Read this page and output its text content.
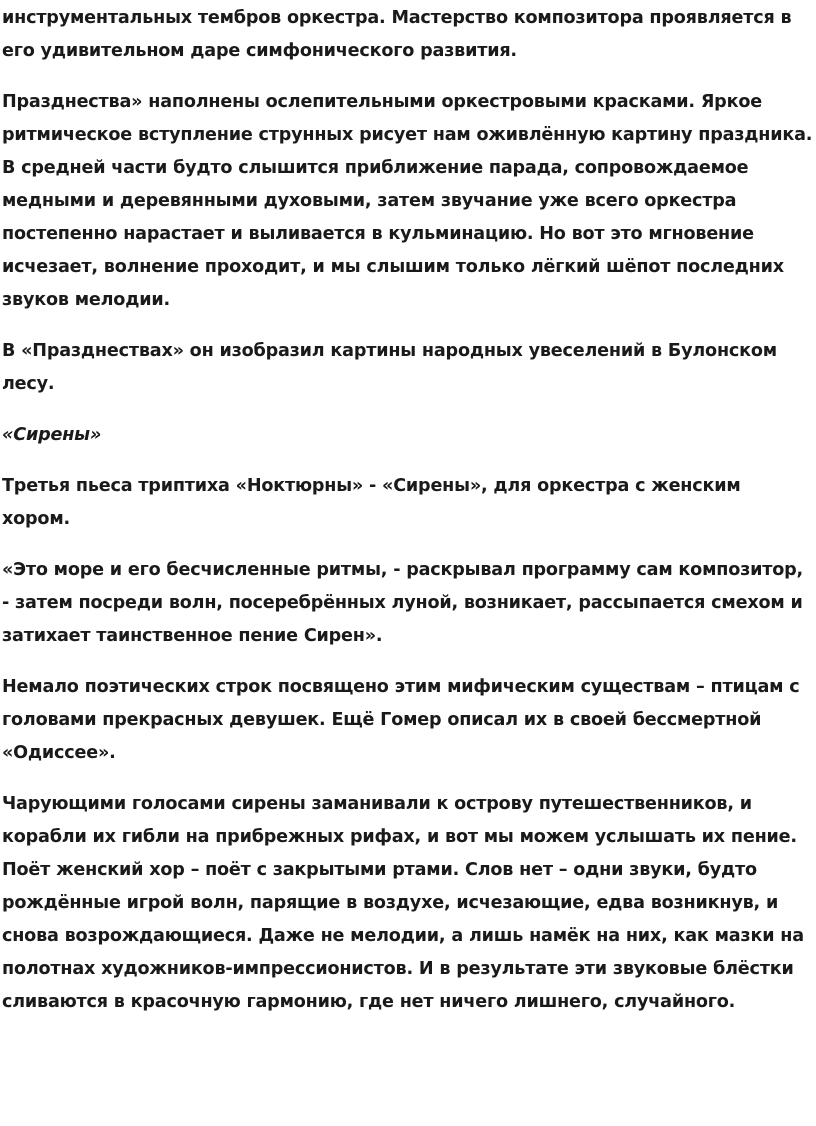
инструментальных тембров оркестра. Мастерство композитора проявляется в его удивительном даре симфонического развития.

Празднества» наполнены ослепительными оркестровыми красками. Яркое ритмическое вступление струнных рисует нам оживлённую картину праздника. В средней части будто слышится приближение парада, сопровождаемое медными и деревянными духовыми, затем звучание уже всего оркестра постепенно нарастает и выливается в кульминацию. Но вот это мгновение исчезает, волнение проходит, и мы слышим только лёгкий шёпот последних звуков мелодии.

В «Празднествах» он изобразил картины народных увеселений в Булонском лесу.

«Сирены»

Третья пьеса триптиха «Ноктюрны» - «Сирены», для оркестра с женским хором.

«Это море и его бесчисленные ритмы, - раскрывал программу сам композитор, - затем посреди волн, посеребрённых луной, возникает, рассыпается смехом и затихает таинственное пение Сирен».

Немало поэтических строк посвящено этим мифическим существам – птицам с головами прекрасных девушек. Ещё Гомер описал их в своей бессмертной «Одиссее».

Чарующими голосами сирены заманивали к острову путешественников, и корабли их гибли на прибрежных рифах, и вот мы можем услышать их пение. Поёт женский хор – поёт с закрытыми ртами. Слов нет – одни звуки, будто рождённые игрой волн, парящие в воздухе, исчезающие, едва возникнув, и снова возрождающиеся. Даже не мелодии, а лишь намёк на них, как мазки на полотнах художников-импрессионистов. И в результате эти звуковые блёстки сливаются в красочную гармонию, где нет ничего лишнего, случайного.
